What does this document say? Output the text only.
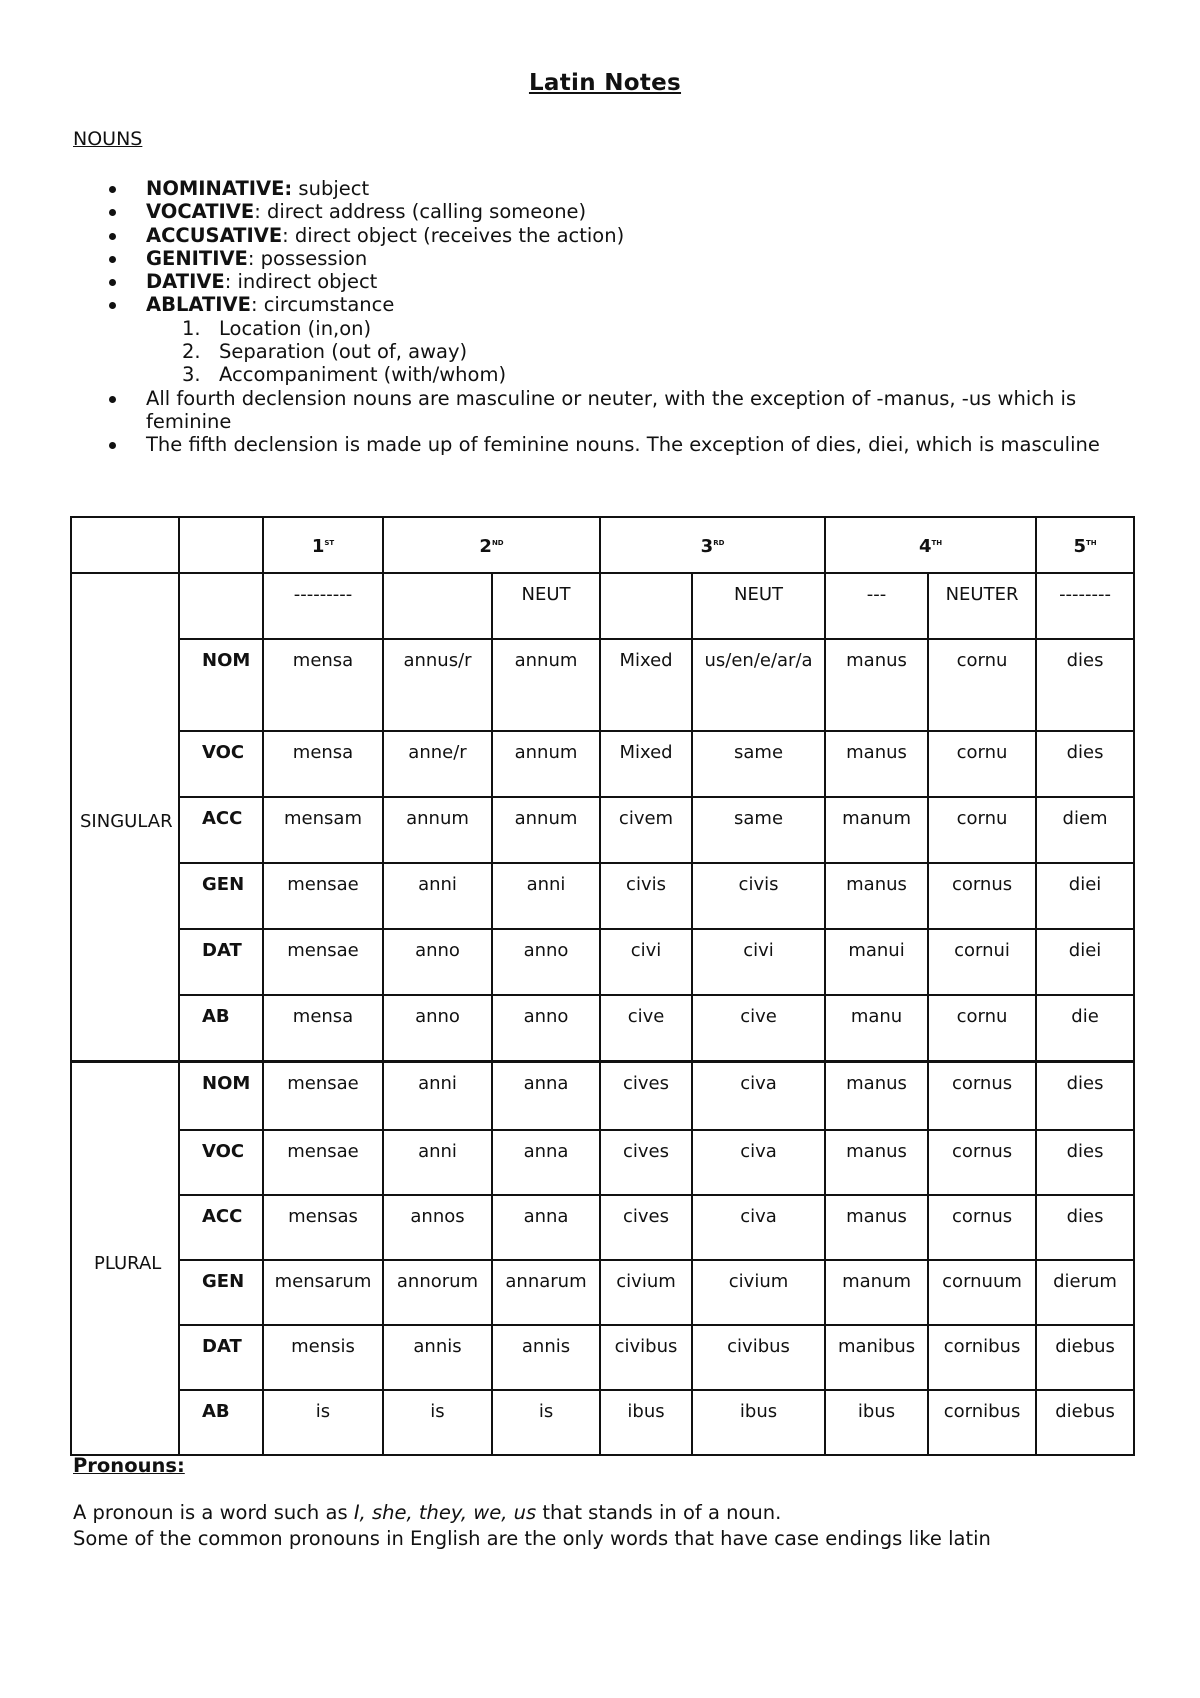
Latin Notes
NOUNS
NOMINATIVE: subject
VOCATIVE: direct address (calling someone)
ACCUSATIVE: direct object (receives the action)
GENITIVE: possession
DATIVE: indirect object
ABLATIVE: circumstance
1. Location (in,on)
2. Separation (out of, away)
3. Accompaniment (with/whom)
All fourth declension nouns are masculine or neuter, with the exception of -manus, -us which is feminine
The fifth declension is made up of feminine nouns. The exception of dies, diei, which is masculine
		1ST	2ND		3RD		4TH		5TH
SINGULAR		---------		NEUT		NEUT	---	NEUTER	--------
	NOM	mensa	annus/r	annum	Mixed	us/en/e/ar/a	manus	cornu	dies
	VOC	mensa	anne/r	annum	Mixed	same	manus	cornu	dies
	ACC	mensam	annum	annum	civem	same	manum	cornu	diem
	GEN	mensae	anni	anni	civis	civis	manus	cornus	diei
	DAT	mensae	anno	anno	civi	civi	manui	cornui	diei
	AB	mensa	anno	anno	cive	cive	manu	cornu	die
PLURAL	NOM	mensae	anni	anna	cives	civa	manus	cornus	dies
	VOC	mensae	anni	anna	cives	civa	manus	cornus	dies
	ACC	mensas	annos	anna	cives	civa	manus	cornus	dies
	GEN	mensarum	annorum	annarum	civium	civium	manum	cornuum	dierum
	DAT	mensis	annis	annis	civibus	civibus	manibus	cornibus	diebus
	AB	is	is	is	ibus	ibus	ibus	cornibus	diebus
Pronouns:
A pronoun is a word such as I, she, they, we, us that stands in of a noun.
Some of the common pronouns in English are the only words that have case endings like latin
